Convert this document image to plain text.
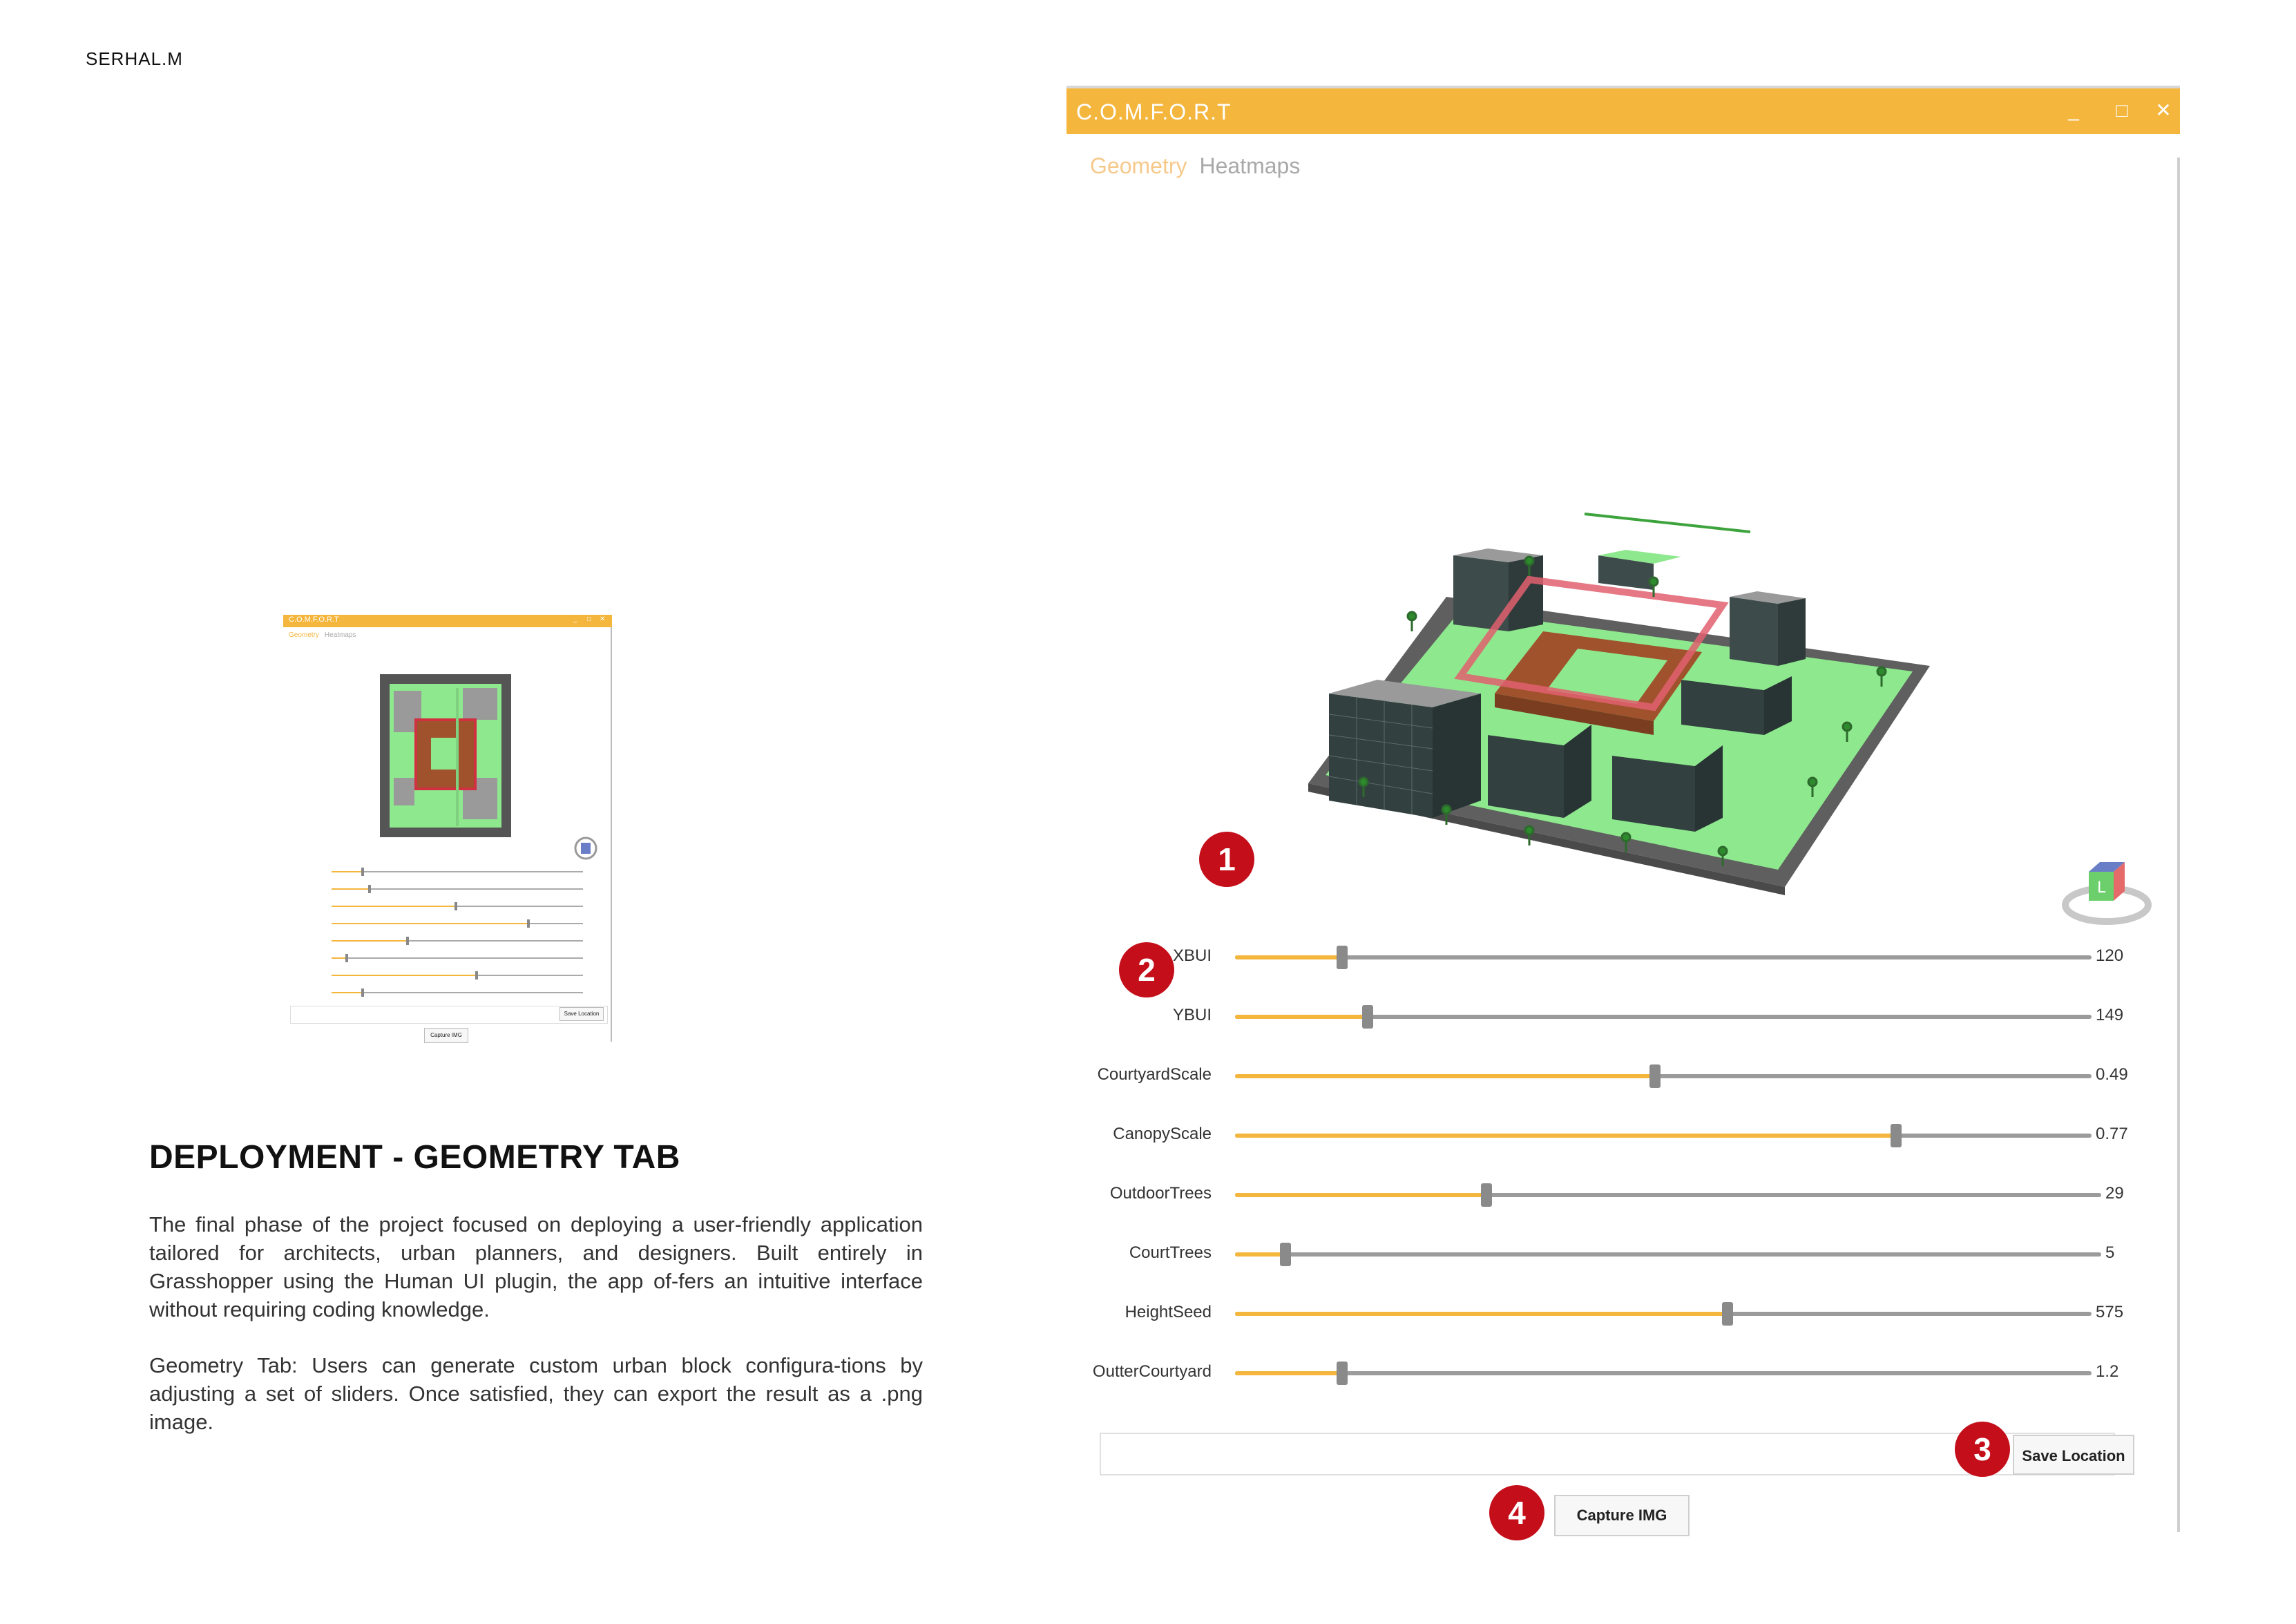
SERHAL.M
C.O.M.F.O.R.T	_ □ ✕
Geometry Heatmaps
Save Location
Capture IMG
DEPLOYMENT - GEOMETRY TAB
The final phase of the project focused on deploying a user-friendly application tailored for architects, urban planners, and designers. Built entirely in Grasshopper using the Human UI plugin, the app of-fers an intuitive interface without requiring coding knowledge.
Geometry Tab: Users can generate custom urban block configura-tions by adjusting a set of sliders. Once satisfied, they can export the result as a .png image.
C.O.M.F.O.R.T	_	□	✕
Geometry Heatmaps
L
XBUI	120
YBUI	149
CourtyardScale	0.49
CanopyScale	0.77
OutdoorTrees	29
CourtTrees	5
HeightSeed	575
OutterCourtyard	1.2
Save Location
Capture IMG
1
2
3
4
